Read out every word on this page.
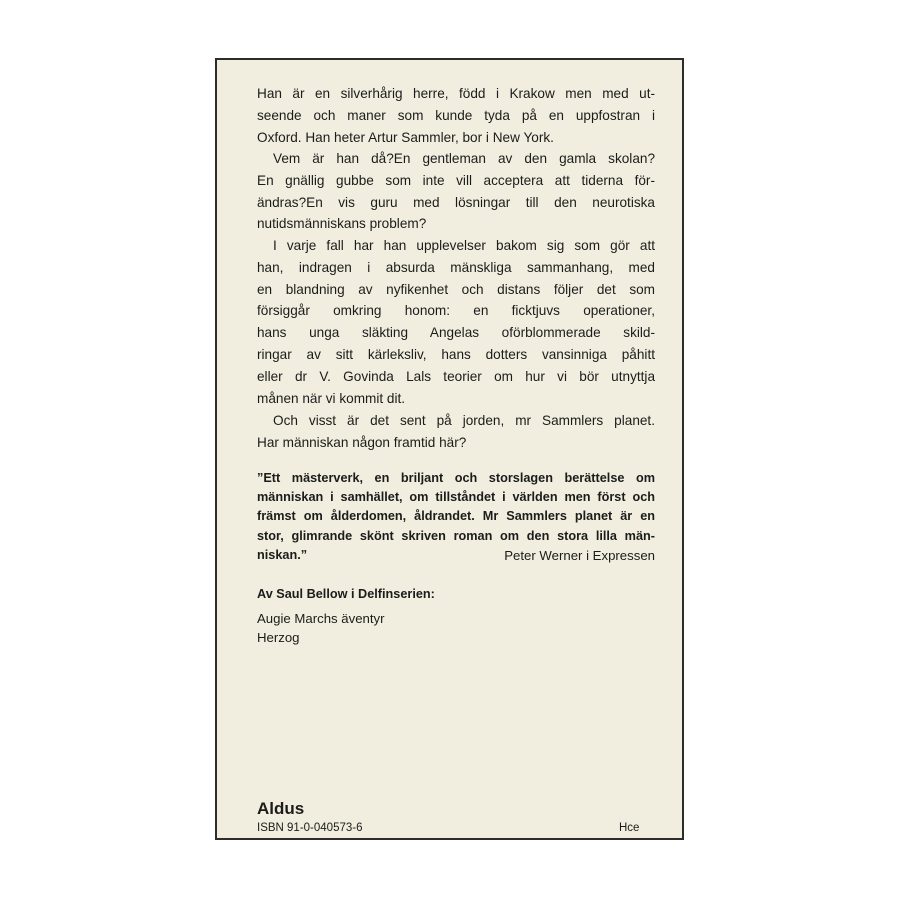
Han är en silverhårig herre, född i Krakow men med ut-
seende och maner som kunde tyda på en uppfostran i
Oxford. Han heter Artur Sammler, bor i New York.

Vem är han då?En gentleman av den gamla skolan?
En gnällig gubbe som inte vill acceptera att tiderna för-
ändras?En vis guru med lösningar till den neurotiska
nutidsmänniskans problem?

I varje fall har han upplevelser bakom sig som gör att
han, indragen i absurda mänskliga sammanhang, med
en blandning av nyfikenhet och distans följer det som
försiggår omkring honom: en ficktjuvs operationer,
hans unga släkting Angelas oförblommerade skild-
ringar av sitt kärleksliv, hans dotters vansinniga påhitt
eller dr V. Govinda Lals teorier om hur vi bör utnyttja
månen när vi kommit dit.

Och visst är det sent på jorden, mr Sammlers planet.
Har människan någon framtid här?

”Ett mästerverk, en briljant och storslagen berättelse om
människan i samhället, om tillståndet i världen men först och
främst om ålderdomen, åldrandet. Mr Sammlers planet är en
stor, glimrande skönt skriven roman om den stora lilla män-
niskan.”	Peter Werner i Expressen

Av Saul Bellow i Delfinserien:

Augie Marchs äventyr
Herzog

Aldus

ISBN 91-0-040573-6	Hce
